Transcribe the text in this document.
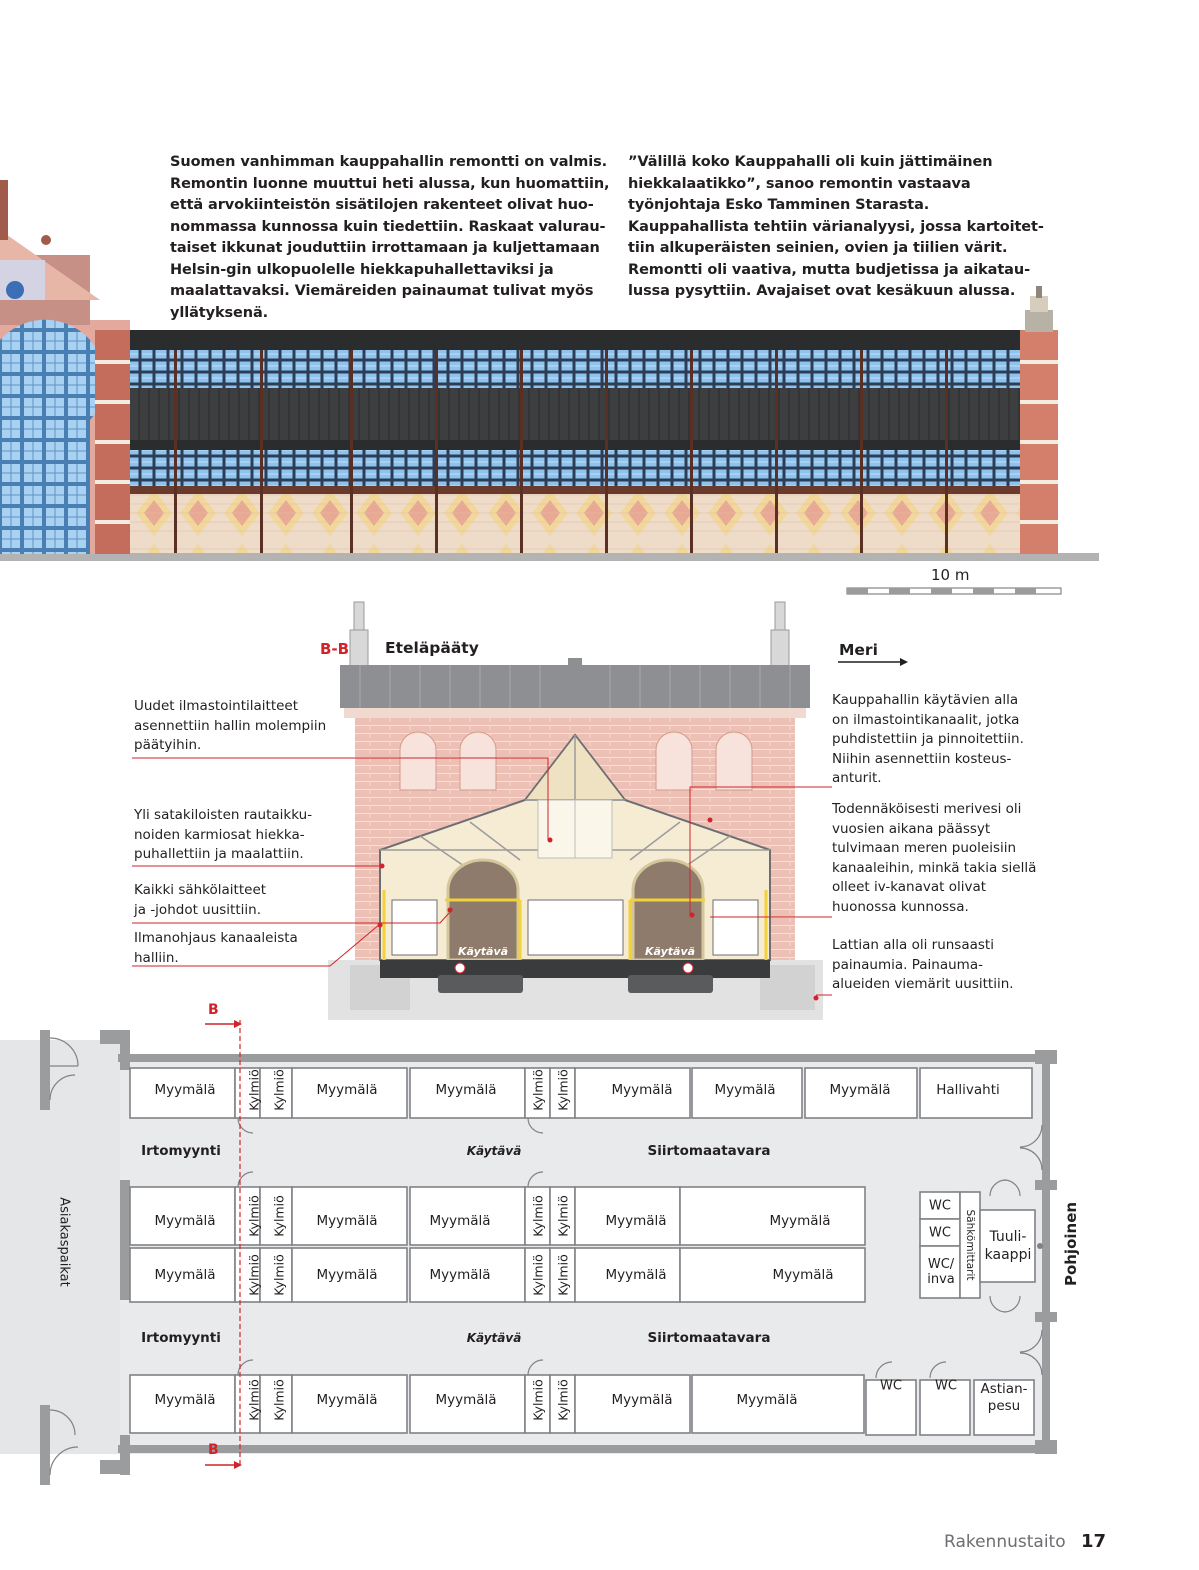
Suomen vanhimman kauppahallin remontti on valmis.
Remontin luonne muuttui heti alussa, kun huomattiin,
että arvokiinteistön sisätilojen rakenteet olivat huo-
nommassa kunnossa kuin tiedettiin. Raskaat valurau-
taiset ikkunat jouduttiin irrottamaan ja kuljettamaan
Helsin-gin ulkopuolelle hiekkapuhallettaviksi ja
maalattavaksi. Viemäreiden painaumat tulivat myös
yllätyksenä.
”Välillä koko Kauppahalli oli kuin jättimäinen
hiekkalaatikko”, sanoo remontin vastaava
työnjohtaja Esko Tamminen Starasta.
Kauppahallista tehtiin värianalyysi, jossa kartoitet-
tiin alkuperäisten seinien, ovien ja tiilien värit.
Remontti oli vaativa, mutta budjetissa ja aikatau-
lussa pysyttiin. Avajaiset ovat kesäkuun alussa.
10 m
B-B Eteläpääty	Meri
Käytävä	Käytävä
Uudet ilmastointilaitteet
asennettiin hallin molempiin
päätyihin.
Yli satakiloisten rautaikku-
noiden karmiosat hiekka-
puhallettiin ja maalattiin.
Kaikki sähkölaitteet
ja -johdot uusittiin.
Ilmanohjaus kanaaleista
halliin.
Kauppahallin käytävien alla
on ilmastointikanaalit, jotka
puhdistettiin ja pinnoitettiin.
Niihin asennettiin kosteus-
anturit.
Todennäköisesti merivesi oli
vuosien aikana päässyt
tulvimaan meren puoleisiin
kanaaleihin, minkä takia siellä
olleet iv-kanavat olivat
huonossa kunnossa.
Lattian alla oli runsaasti
painaumia. Painauma-
alueiden viemärit uusittiin.
B
B
Myymälä Kylmiö Kylmiö Myymälä	Myymälä	Kylmiö Kylmiö	Myymälä	Myymälä	Myymälä	Hallivahti
Irtomyynti	Käytävä	Siirtomaatavara
Myymälä Kylmiö Kylmiö Myymälä	Myymälä	Kylmiö Kylmiö	Myymälä	Myymälä
Myymälä Kylmiö Kylmiö Myymälä	Myymälä	Kylmiö Kylmiö	Myymälä	Myymälä
Irtomyynti	Käytävä	Siirtomaatavara
Myymälä Kylmiö Kylmiö Myymälä	Myymälä	Kylmiö Kylmiö	Myymälä	Myymälä
WC
WC
WC/
inva Sähkömittarit Tuuli-
kaappi
WC	WC Astian-
pesu
Asiakaspaikat	Pohjoinen
Rakennustaito 17
